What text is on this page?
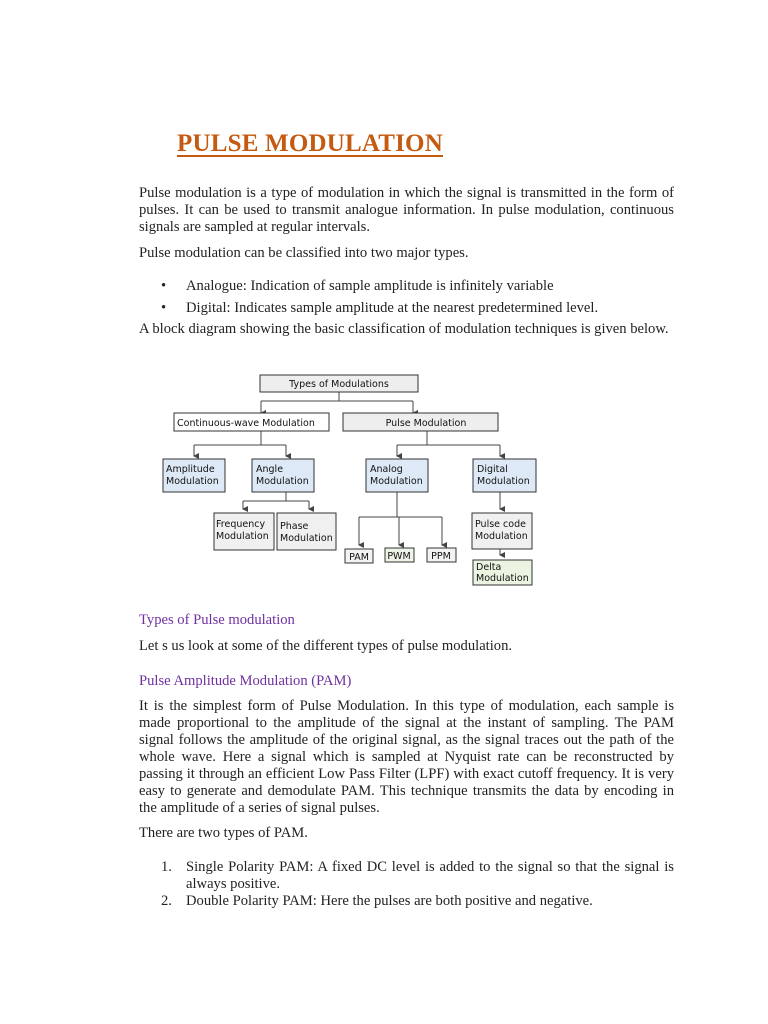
PULSE MODULATION
Pulse modulation is a type of modulation in which the signal is transmitted in the form of pulses. It can be used to transmit analogue information. In pulse modulation, continuous signals are sampled at regular intervals.
Pulse modulation can be classified into two major types.
• Analogue: Indication of sample amplitude is infinitely variable
• Digital: Indicates sample amplitude at the nearest predetermined level.
A block diagram showing the basic classification of modulation techniques is given below.
Types of Pulse modulation
Let s us look at some of the different types of pulse modulation.
Pulse Amplitude Modulation (PAM)
It is the simplest form of Pulse Modulation. In this type of modulation, each sample is made proportional to the amplitude of the signal at the instant of sampling. The PAM signal follows the amplitude of the original signal, as the signal traces out the path of the whole wave. Here a signal which is sampled at Nyquist rate can be reconstructed by passing it through an efficient Low Pass Filter (LPF) with exact cutoff frequency. It is very easy to generate and demodulate PAM. This technique transmits the data by encoding in the amplitude of a series of signal pulses.
There are two types of PAM.
1. Single Polarity PAM: A fixed DC level is added to the signal so that the signal is always positive.
2. Double Polarity PAM: Here the pulses are both positive and negative.
Types of Modulations
Continuous-wave Modulation	Pulse Modulation
Amplitude
Modulation
Angle
Modulation
Analog
Modulation
Digital
Modulation
Frequency
Modulation
Phase
Modulation
PAM PWM PPM
Pulse code
Modulation
Delta
Modulation
